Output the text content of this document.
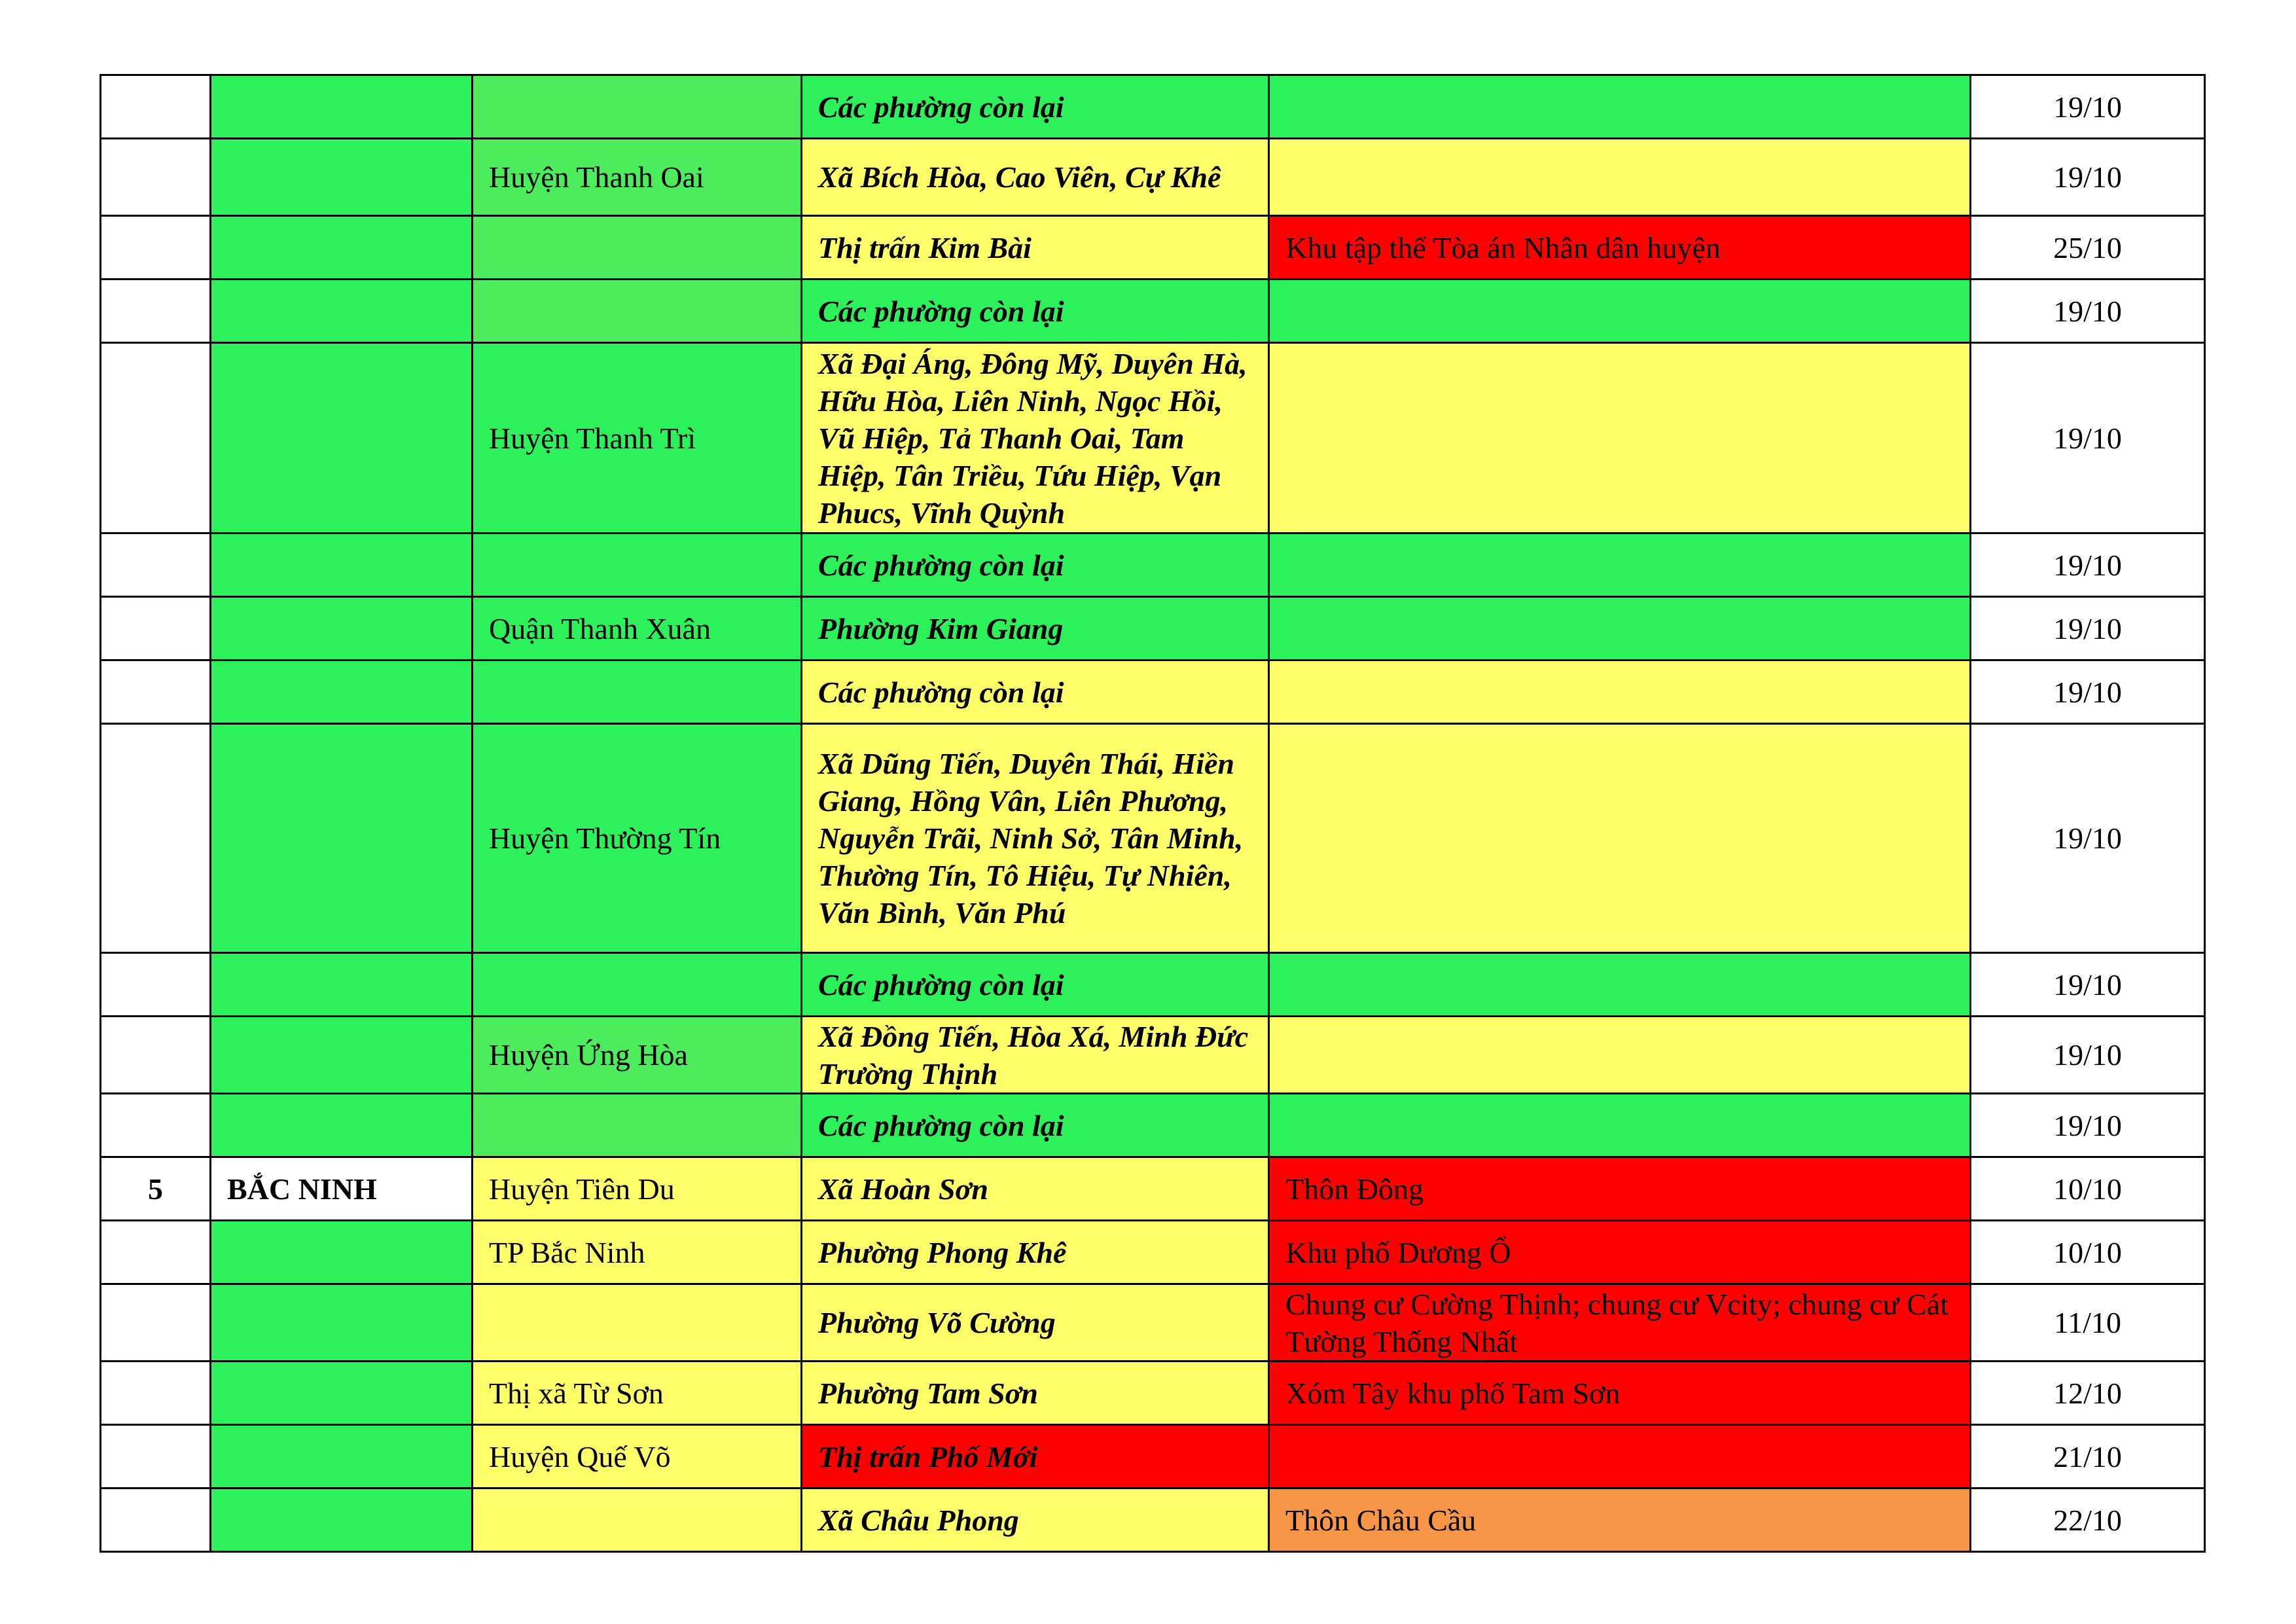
			Các phường còn lại		19/10
		Huyện Thanh Oai	Xã Bích Hòa, Cao Viên, Cự Khê		19/10
			Thị trấn Kim Bài	Khu tập thể Tòa án Nhân dân huyện	25/10
			Các phường còn lại		19/10
		Huyện Thanh Trì	Xã Đại Áng, Đông Mỹ, Duyên Hà, Hữu Hòa, Liên Ninh, Ngọc Hồi, Vũ Hiệp, Tả Thanh Oai, Tam Hiệp, Tân Triều, Tứu Hiệp, Vạn Phucs, Vĩnh Quỳnh		19/10
			Các phường còn lại		19/10
		Quận Thanh Xuân	Phường Kim Giang		19/10
			Các phường còn lại		19/10
		Huyện Thường Tín	Xã Dũng Tiến, Duyên Thái, Hiền Giang, Hồng Vân, Liên Phương, Nguyễn Trãi, Ninh Sở, Tân Minh, Thường Tín, Tô Hiệu, Tự Nhiên, Văn Bình, Văn Phú		19/10
			Các phường còn lại		19/10
		Huyện Ứng Hòa	Xã Đồng Tiến, Hòa Xá, Minh Đức Trường Thịnh		19/10
			Các phường còn lại		19/10
5	BẮC NINH	Huyện Tiên Du	Xã Hoàn Sơn	Thôn Đông	10/10
		TP Bắc Ninh	Phường Phong Khê	Khu phố Dương Ổ	10/10
			Phường Võ Cường	Chung cư Cường Thịnh; chung cư Vcity; chung cư Cát Tường Thống Nhất	11/10
		Thị xã Từ Sơn	Phường Tam Sơn	Xóm Tây khu phố Tam Sơn	12/10
		Huyện Quế Võ	Thị trấn Phố Mới		21/10
			Xã Châu Phong	Thôn Châu Cầu	22/10
